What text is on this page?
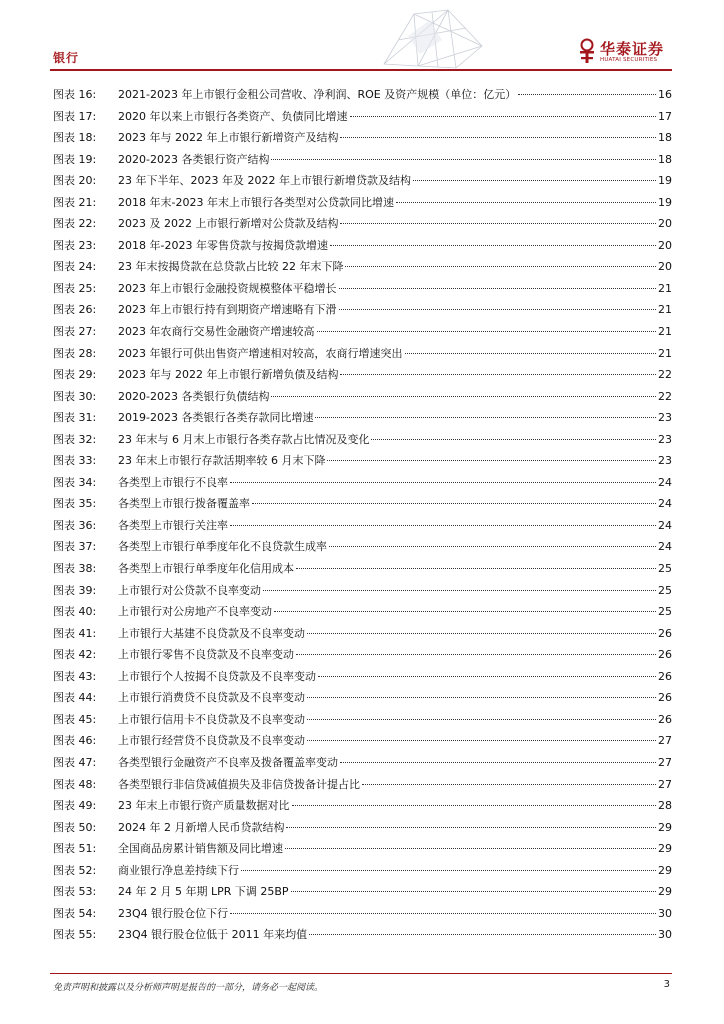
银行	华泰证券
HUATAI SECURITIES
图表 16:	2021-2023 年上市银行金租公司营收、净利润、ROE 及资产规模（单位：亿元）	16
图表 17:	2020 年以来上市银行各类资产、负债同比增速	17
图表 18:	2023 年与 2022 年上市银行新增资产及结构	18
图表 19:	2020-2023 各类银行资产结构	18
图表 20:	23 年下半年、2023 年及 2022 年上市银行新增贷款及结构	19
图表 21:	2018 年末-2023 年末上市银行各类型对公贷款同比增速	19
图表 22:	2023 及 2022 上市银行新增对公贷款及结构	20
图表 23:	2018 年-2023 年零售贷款与按揭贷款增速	20
图表 24:	23 年末按揭贷款在总贷款占比较 22 年末下降	20
图表 25:	2023 年上市银行金融投资规模整体平稳增长	21
图表 26:	2023 年上市银行持有到期资产增速略有下滑	21
图表 27:	2023 年农商行交易性金融资产增速较高	21
图表 28:	2023 年银行可供出售资产增速相对较高，农商行增速突出	21
图表 29:	2023 年与 2022 年上市银行新增负债及结构	22
图表 30:	2020-2023 各类银行负债结构	22
图表 31:	2019-2023 各类银行各类存款同比增速	23
图表 32:	23 年末与 6 月末上市银行各类存款占比情况及变化	23
图表 33:	23 年末上市银行存款活期率较 6 月末下降	23
图表 34:	各类型上市银行不良率	24
图表 35:	各类型上市银行拨备覆盖率	24
图表 36:	各类型上市银行关注率	24
图表 37:	各类型上市银行单季度年化不良贷款生成率	24
图表 38:	各类型上市银行单季度年化信用成本	25
图表 39:	上市银行对公贷款不良率变动	25
图表 40:	上市银行对公房地产不良率变动	25
图表 41:	上市银行大基建不良贷款及不良率变动	26
图表 42:	上市银行零售不良贷款及不良率变动	26
图表 43:	上市银行个人按揭不良贷款及不良率变动	26
图表 44:	上市银行消费贷不良贷款及不良率变动	26
图表 45:	上市银行信用卡不良贷款及不良率变动	26
图表 46:	上市银行经营贷不良贷款及不良率变动	27
图表 47:	各类型银行金融资产不良率及拨备覆盖率变动	27
图表 48:	各类型银行非信贷减值损失及非信贷拨备计提占比	27
图表 49:	23 年末上市银行资产质量数据对比	28
图表 50:	2024 年 2 月新增人民币贷款结构	29
图表 51:	全国商品房累计销售额及同比增速	29
图表 52:	商业银行净息差持续下行	29
图表 53:	24 年 2 月 5 年期 LPR 下调 25BP	29
图表 54:	23Q4 银行股仓位下行	30
图表 55:	23Q4 银行股仓位低于 2011 年来均值	30
免责声明和披露以及分析师声明是报告的一部分，请务必一起阅读。	3
